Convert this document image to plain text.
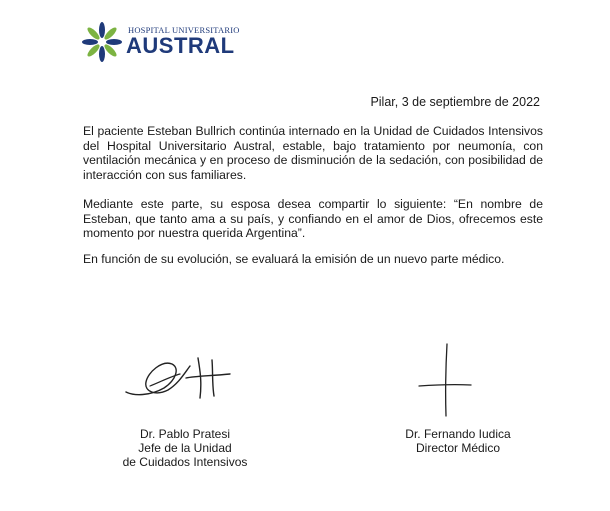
HOSPITAL UNIVERSITARIO
AUSTRAL
Pilar, 3 de septiembre de 2022

El paciente Esteban Bullrich continúa internado en la Unidad de Cuidados Intensivos del Hospital Universitario Austral, estable, bajo tratamiento por neumonía, con ventilación mecánica y en proceso de disminución de la sedación, con posibilidad de interacción con sus familiares.

Mediante este parte, su esposa desea compartir lo siguiente: “En nombre de Esteban, que tanto ama a su país, y confiando en el amor de Dios, ofrecemos este momento por nuestra querida Argentina”.

En función de su evolución, se evaluará la emisión de un nuevo parte médico.

Dr. Pablo Pratesi
Jefe de la Unidad
de Cuidados Intensivos
Dr. Fernando Iudica
Director Médico
